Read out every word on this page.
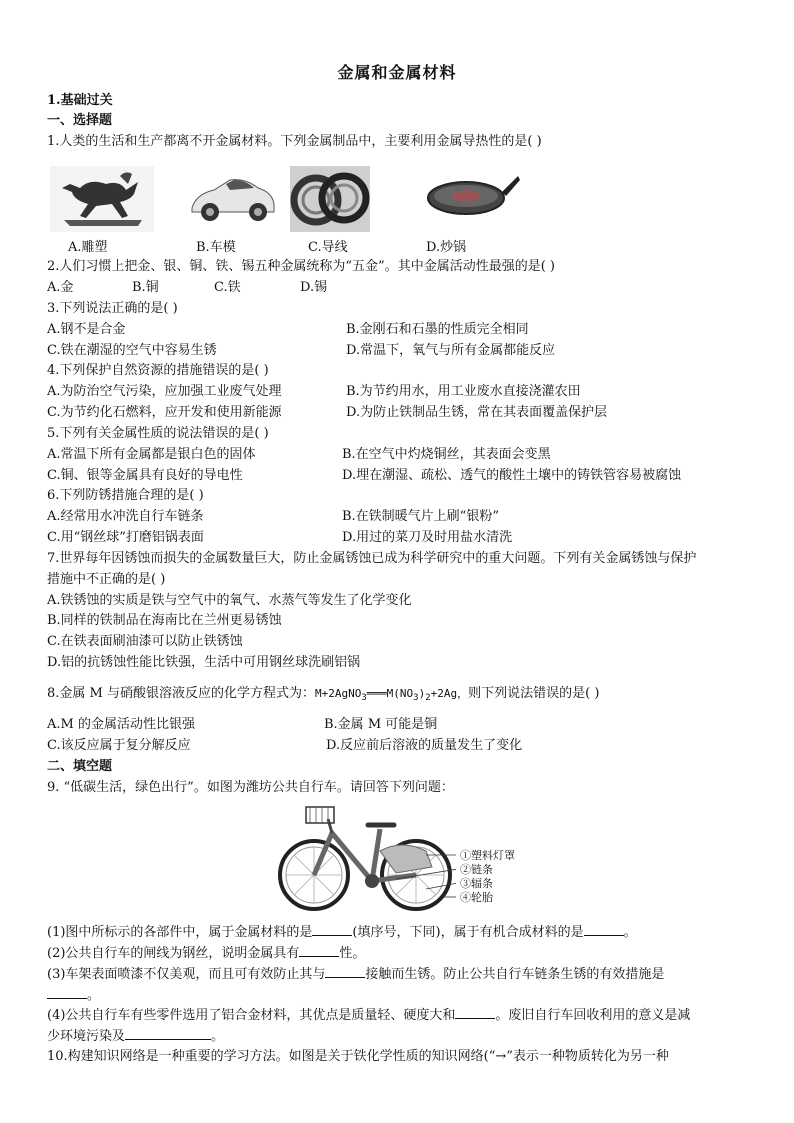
金属和金属材料
1.基础过关
一、选择题
1.人类的生活和生产都离不开金属材料。下列金属制品中，主要利用金属导热性的是( )
A.雕塑	B.车模	C.导线	D.炒锅
2.人们习惯上把金、银、铜、铁、锡五种金属统称为“五金”。其中金属活动性最强的是( )
A.金	B.铜	C.铁	D.锡
3.下列说法正确的是( )
A.钢不是合金	B.金刚石和石墨的性质完全相同
C.铁在潮湿的空气中容易生锈	D.常温下，氧气与所有金属都能反应
4.下列保护自然资源的措施错误的是( )
A.为防治空气污染，应加强工业废气处理	B.为节约用水，用工业废水直接浇灌农田
C.为节约化石燃料，应开发和使用新能源	D.为防止铁制品生锈，常在其表面覆盖保护层
5.下列有关金属性质的说法错误的是( )
A.常温下所有金属都是银白色的固体	B.在空气中灼烧铜丝，其表面会变黑
C.铜、银等金属具有良好的导电性	D.埋在潮湿、疏松、透气的酸性土壤中的铸铁管容易被腐蚀
6.下列防锈措施合理的是( )
A.经常用水冲洗自行车链条	B.在铁制暖气片上刷“银粉”
C.用“钢丝球”打磨铝锅表面	D.用过的菜刀及时用盐水清洗
7.世界每年因锈蚀而损失的金属数量巨大，防止金属锈蚀已成为科学研究中的重大问题。下列有关金属锈蚀与保护
措施中不正确的是( )
A.铁锈蚀的实质是铁与空气中的氧气、水蒸气等发生了化学变化
B.同样的铁制品在海南比在兰州更易锈蚀
C.在铁表面刷油漆可以防止铁锈蚀
D.铝的抗锈蚀性能比铁强，生活中可用钢丝球洗刷铝锅
8.金属 M 与硝酸银溶液反应的化学方程式为：$M+2AgNO_3═══M(NO_3)_2+2Ag$，则下列说法错误的是( )
A.M 的金属活动性比银强	B.金属 M 可能是铜
C.该反应属于复分解反应	D.反应前后溶液的质量发生了变化
二、填空题
9. “低碳生活，绿色出行”。如图为潍坊公共自行车。请回答下列问题：
①塑料灯罩
②链条
③辐条
④轮胎
(1)图中所标示的各部件中，属于金属材料的是	(填序号，下同)，属于有机合成材料的是	。
(2)公共自行车的闸线为钢丝，说明金属具有	性。
(3)车架表面喷漆不仅美观，而且可有效防止其与	接触而生锈。防止公共自行车链条生锈的有效措施是
。
(4)公共自行车有些零件选用了铝合金材料，其优点是质量轻、硬度大和	。废旧自行车回收利用的意义是减
少环境污染及	。
10.构建知识网络是一种重要的学习方法。如图是关于铁化学性质的知识网络(“→”表示一种物质转化为另一种
